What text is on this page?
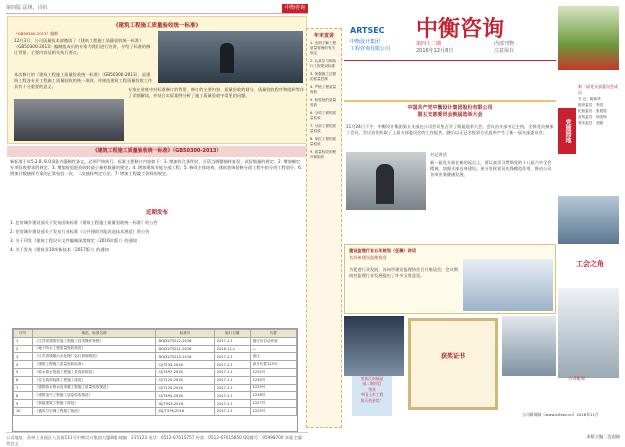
第四版 法规、诗识	中衡咨询
《建筑工程施工质量验收统一标准》
（GB50300-2013）编制
12月3日，公司质量技术部邀请了《建筑工程施工质量验收统一标准》（GB50300-2013）编制组成员的专家为我们进行宣讲，介绍了标准的修订背景、主要内容及相关执行要点。
本次修订的《建筑工程施工质量验收统一标准》（GB50300-2013），是建筑工程各专业工程施工质量验收的统一准则，对规范建筑工程质量验收工作具有十分重要的意义。
专家在讲座中对标准修订的背景、修订的主要内容、质量验收的划分、质量验收程序和组织等作了详细解读，并结合实际案例分析了施工质量验收中常见的问题。
《建筑工程施工质量验收统一标准》（GB50300-2013）
新标准于年5.2.8, 6.0.8条为强制性条文，必须严格执行。标准主要修订内容如下：1. 增加符合条件时，可适当调整抽样复验、试验数量的规定；2. 增加制定专项验收要求的规定；3. 增加检验批验收时最小抽样数量的规定；4. 增加建筑节能分部工程；5. 修改主体结构、建筑装饰装修分部工程中的分项工程划分；6. 增加计数抽样方案的正常检验一次、二次抽样判定方法；7. 增加工程竣工资料的规定。
近期发布
1. 住房城乡建设部关于发布国家标准《建筑工程施工质量验收统一标准》的公告
2. 住房城乡建设部关于发布行业标准《公共建筑节能改造技术规范》的公告
3. 关于印发《建筑工程设计文件编制深度规定（2016年版）》的通知
4. 关于发布《建筑业10项新技术（2017版）》的通知
序号	规范、标准名称	标准号	施行日期	代替
1	《江苏省建筑安装工程施工技术操作规程》	DGJ32/TJ212-2016	2017.1.1	施行后自动作废
2	《地下防水工程质量验收规范》	DGJ32/TJ211-2016	2016.12.1	—
3	《江苏省城镇污水处理厂运行管理规范》	DGJ32/TJ215-2016	2017.1.1	备注
4	《建筑工程施工质量验收标准》	CJ/T233-2016	2017.1.1	部分代替123号
5	《给水排水管道工程施工及验收规范》	CJ/T497-2016	2017.1.1	1231号
6	《住宅装饰装修工程施工规范》	CJ/T124-2016	2017.1.1	1230号
7	《建筑给水排水及采暖工程施工质量验收规范》	CJ/T124-2016	2017.1.1	1229号
8	《建筑电气工程施工质量验收规范》	CJ/T493-2016	2017.1.1	1228号
9	《智能建筑工程施工规范》	GJ/T543-2016	2017.1.1	1227号
10	《通风与空调工程施工规范》	JGJ/T378-2016	2017.1.1	1225号
公司地址：苏州工业园区八达街111号中衡设计集团大厦8楼 邮编：215123 电话：0512-67015757 传真：0512-67015850 QQ群号：95998700 本版主编：刘宜文
年末宣讲
1. 全面了解工程质量管理的有关规定
2. 认真学习和执行工程建设标准
3. 加强施工过程的质量控制
4. 严格工程质量验收
5. 检验批的质量验收
6. 分项工程的质量验收
7. 分部工程的质量验收
8. 单位工程的质量验收
9. 质量验收的程序和组织
ARTSEC
中衡设计集团
工程咨询有限公司
中衡咨询
第四十二期
2016年12月8日
内部刊物
注意保存
中国共产党中衡设计集团股份有限公司
第五支部委员会换届选举大会
11月24日下午，中衡设计集团第五支部在公司会议室召开了换届选举大会。会议由支部书记主持，全体党员参加了会议。会议首先听取了上届支部委员会的工作报告，随后以无记名投票方式选举产生了新一届支部委员会。
书记讲话
新一届党支部在新的起点上，要认真学习贯彻党的十八届六中全会精神，加强支部自身建设，充分发挥党员先锋模范作用，推动公司各项业务健康发展。
党建园地
新一届党支部委员会成员
书 记：姚林华
组织委员：李进
纪检委员：张展展
宣传委员：徐美婷
青年委员：刘娟
建设监理行业五年规划（征稿）讲话
名苏州建设监理协会
为促进行业发展，苏州市建设监理协会召开座谈会，会议期间对监理行业发展提出了许多宝贵意见。
工会之角
荣获江南福祉
园二期项目
荣获
中国土木工程
詹天佑金奖！
获奖证书
公司新闻
公司新闻网（www.artsec.cn）2016年11月
本版主编：沈国刚
